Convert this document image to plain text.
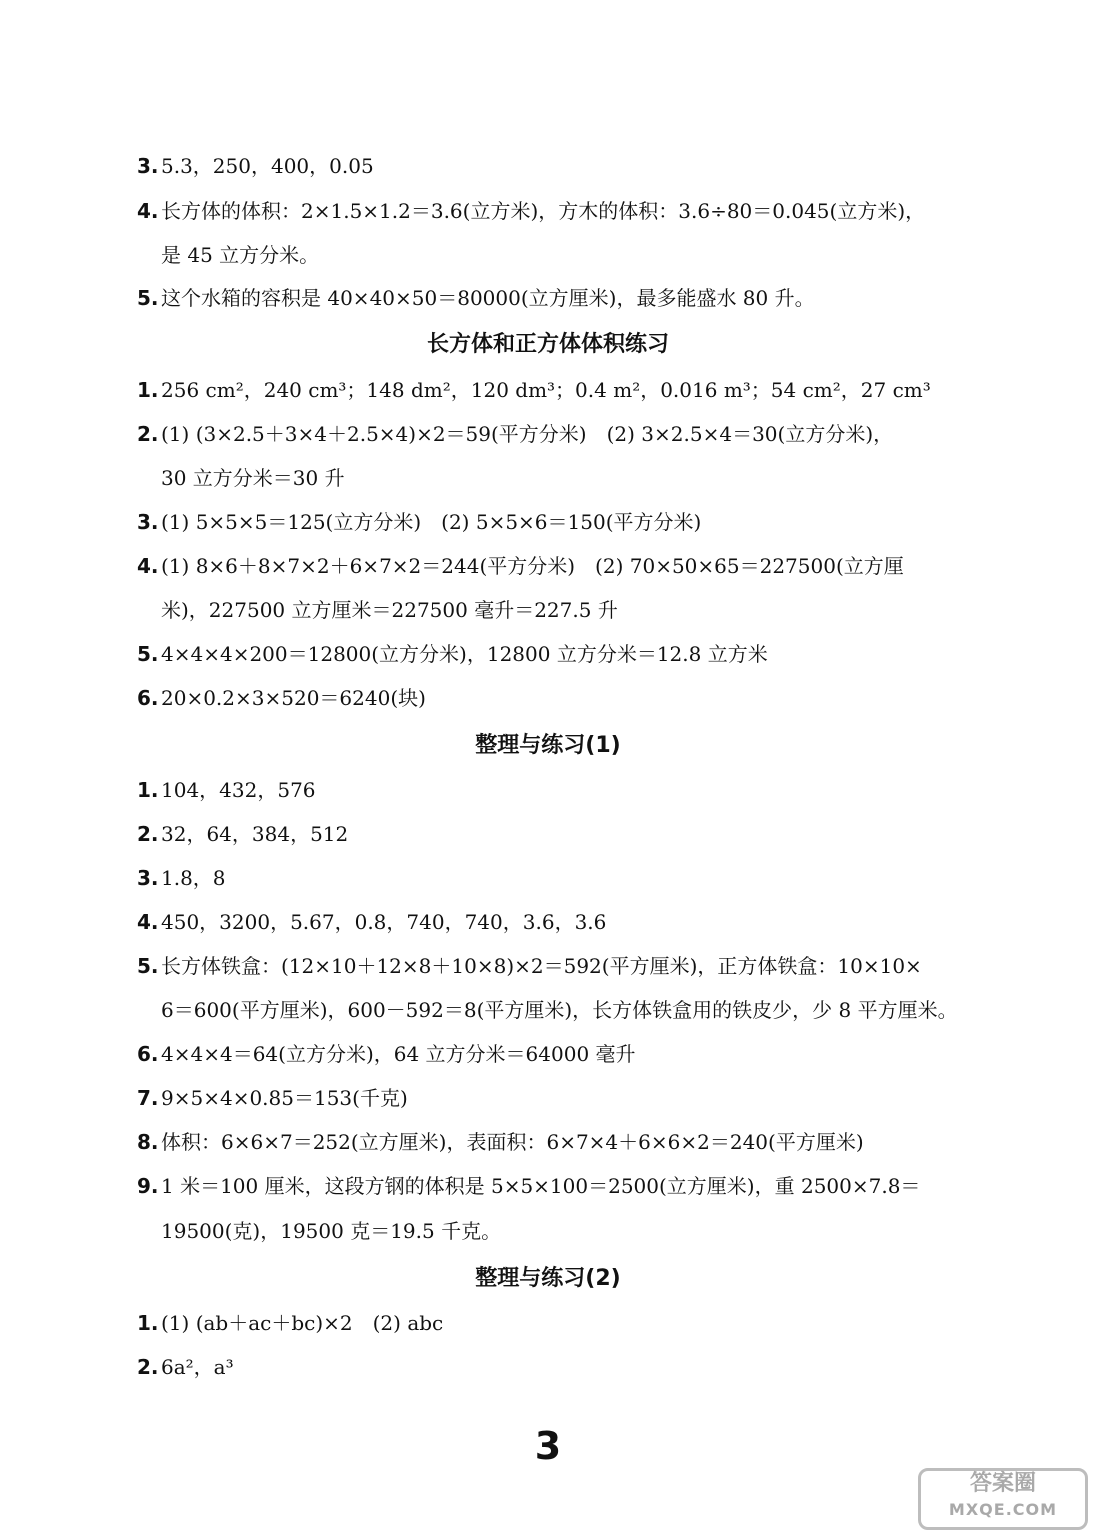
3. 5.3，250，400，0.05
4. 长方体的体积：2×1.5×1.2＝3.6(立方米)，方木的体积：3.6÷80＝0.045(立方米)，
是 45 立方分米。
5. 这个水箱的容积是 40×40×50＝80000(立方厘米)，最多能盛水 80 升。
长方体和正方体体积练习
1. 256 cm²，240 cm³；148 dm²，120 dm³；0.4 m²，0.016 m³；54 cm²，27 cm³
2. (1) (3×2.5＋3×4＋2.5×4)×2＝59(平方分米)　(2) 3×2.5×4＝30(立方分米)，
30 立方分米＝30 升
3. (1) 5×5×5＝125(立方分米)　(2) 5×5×6＝150(平方分米)
4. (1) 8×6＋8×7×2＋6×7×2＝244(平方分米)　(2) 70×50×65＝227500(立方厘
米)，227500 立方厘米＝227500 毫升＝227.5 升
5. 4×4×4×200＝12800(立方分米)，12800 立方分米＝12.8 立方米
6. 20×0.2×3×520＝6240(块)
整理与练习(1)
1. 104，432，576
2. 32，64，384，512
3. 1.8，8
4. 450，3200，5.67，0.8，740，740，3.6，3.6
5. 长方体铁盒：(12×10＋12×8＋10×8)×2＝592(平方厘米)，正方体铁盒：10×10×
6＝600(平方厘米)，600－592＝8(平方厘米)，长方体铁盒用的铁皮少，少 8 平方厘米。
6. 4×4×4＝64(立方分米)，64 立方分米＝64000 毫升
7. 9×5×4×0.85＝153(千克)
8. 体积：6×6×7＝252(立方厘米)，表面积：6×7×4＋6×6×2＝240(平方厘米)
9. 1 米＝100 厘米，这段方钢的体积是 5×5×100＝2500(立方厘米)，重 2500×7.8＝
19500(克)，19500 克＝19.5 千克。
整理与练习(2)
1. (1) (ab＋ac＋bc)×2　(2) abc
2. 6a²，a³
3
答案圈
MXQE.COM
